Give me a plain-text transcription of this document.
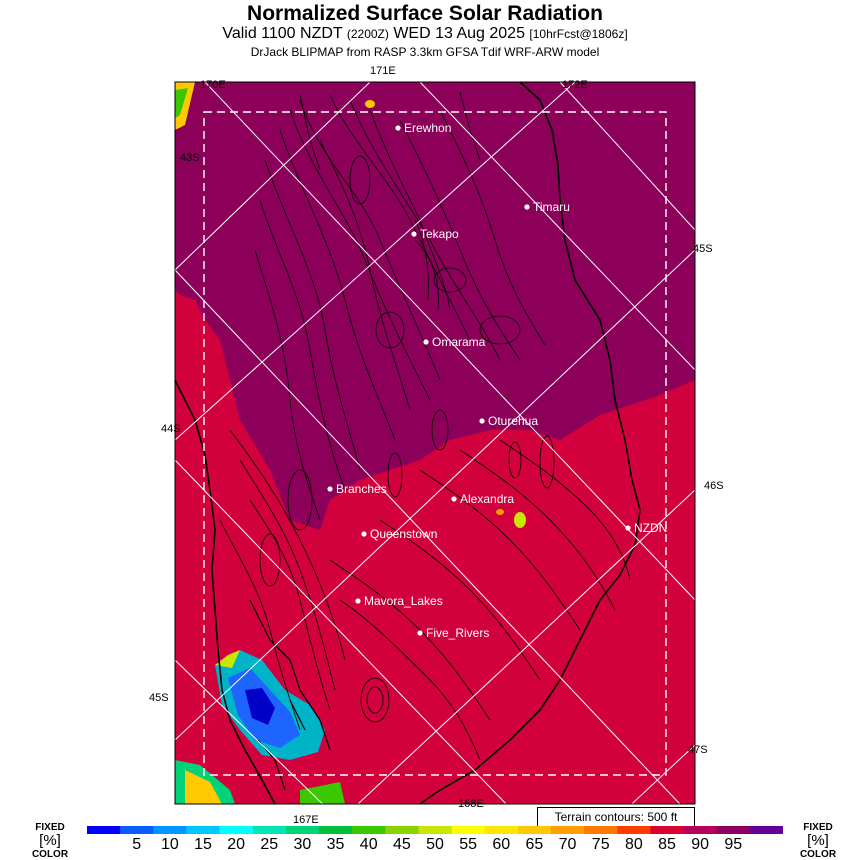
Normalized Surface Solar Radiation
Valid 1100 NZDT (2200Z) WED 13 Aug 2025 [10hrFcst@1806z]
DrJack BLIPMAP from RASP 3.3km GFSA Tdif WRF-ARW model
Erewhon
Timaru
Tekapo
Omarama
Oturehua
Branches
Alexandra
NZDN
Queenstown
Mavora_Lakes
Five_Rivers
170E
171E
172E
167E
168E
43S
44S
45S
45S
46S
47S
Terrain contours: 500 ft
FIXED
[%]
COLOR
FIXED
[%]
COLOR
5	10 15 20 25 30 35 40 45 50 55 60 65 70 75 80 85 90 95
